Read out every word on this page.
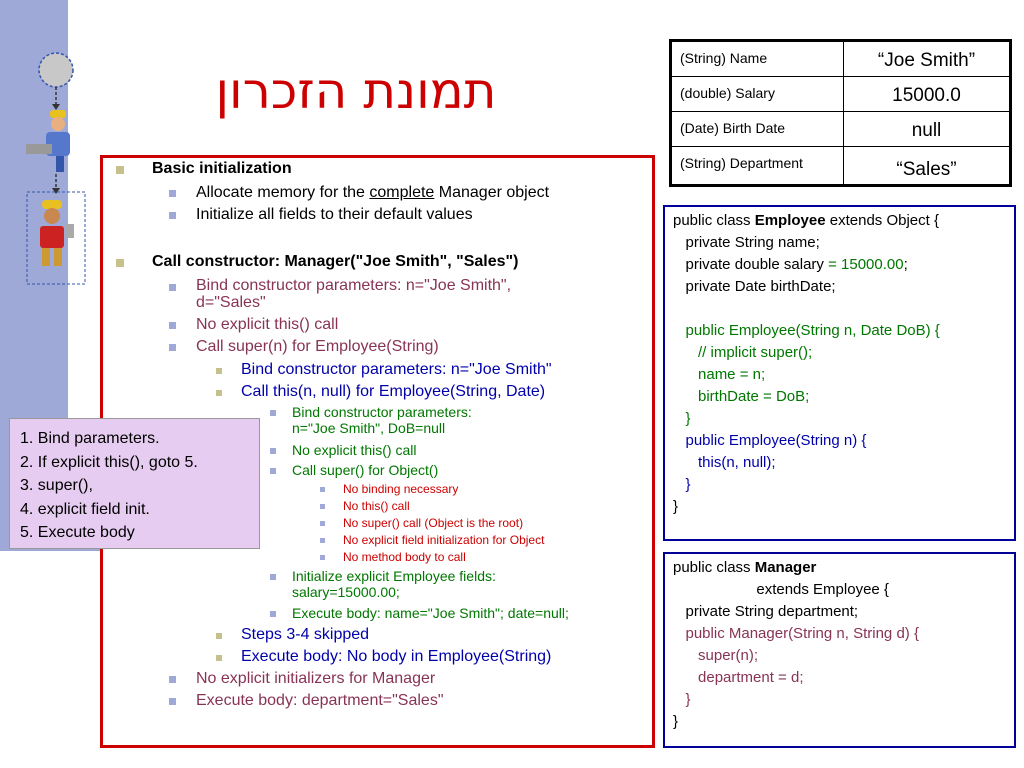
תמונת הזכרון
(String) Name	“Joe Smith”
(double) Salary	15000.0
(Date) Birth Date	null
(String) Department	“Sales”
Basic initialization
Allocate memory for the complete Manager object
Initialize all fields to their default values
Call constructor: Manager("Joe Smith", "Sales")
Bind constructor parameters: n="Joe Smith",
d="Sales"
No explicit this() call
Call super(n) for Employee(String)
Bind constructor parameters: n="Joe Smith"
Call this(n, null) for Employee(String, Date)
Bind constructor parameters:
n="Joe Smith", DoB=null
No explicit this() call
Call super() for Object()
No binding necessary
No this() call
No super() call (Object is the root)
No explicit field initialization for Object
No method body to call
Initialize explicit Employee fields:
salary=15000.00;
Execute body: name="Joe Smith"; date=null;
Steps 3-4 skipped
Execute body: No body in Employee(String)
No explicit initializers for Manager
Execute body: department="Sales"
1. Bind parameters.
2. If explicit this(), goto 5.
3. super(),
4. explicit field init.
5. Execute body
public class Employee extends Object {
private String name;
private double salary = 15000.00;
private Date birthDate;
public Employee(String n, Date DoB) {
// implicit super();
name = n;
birthDate = DoB;
}
public Employee(String n) {
this(n, null);
}
}
public class Manager
extends Employee {
private String department;
public Manager(String n, String d) {
super(n);
department = d;
}
}
